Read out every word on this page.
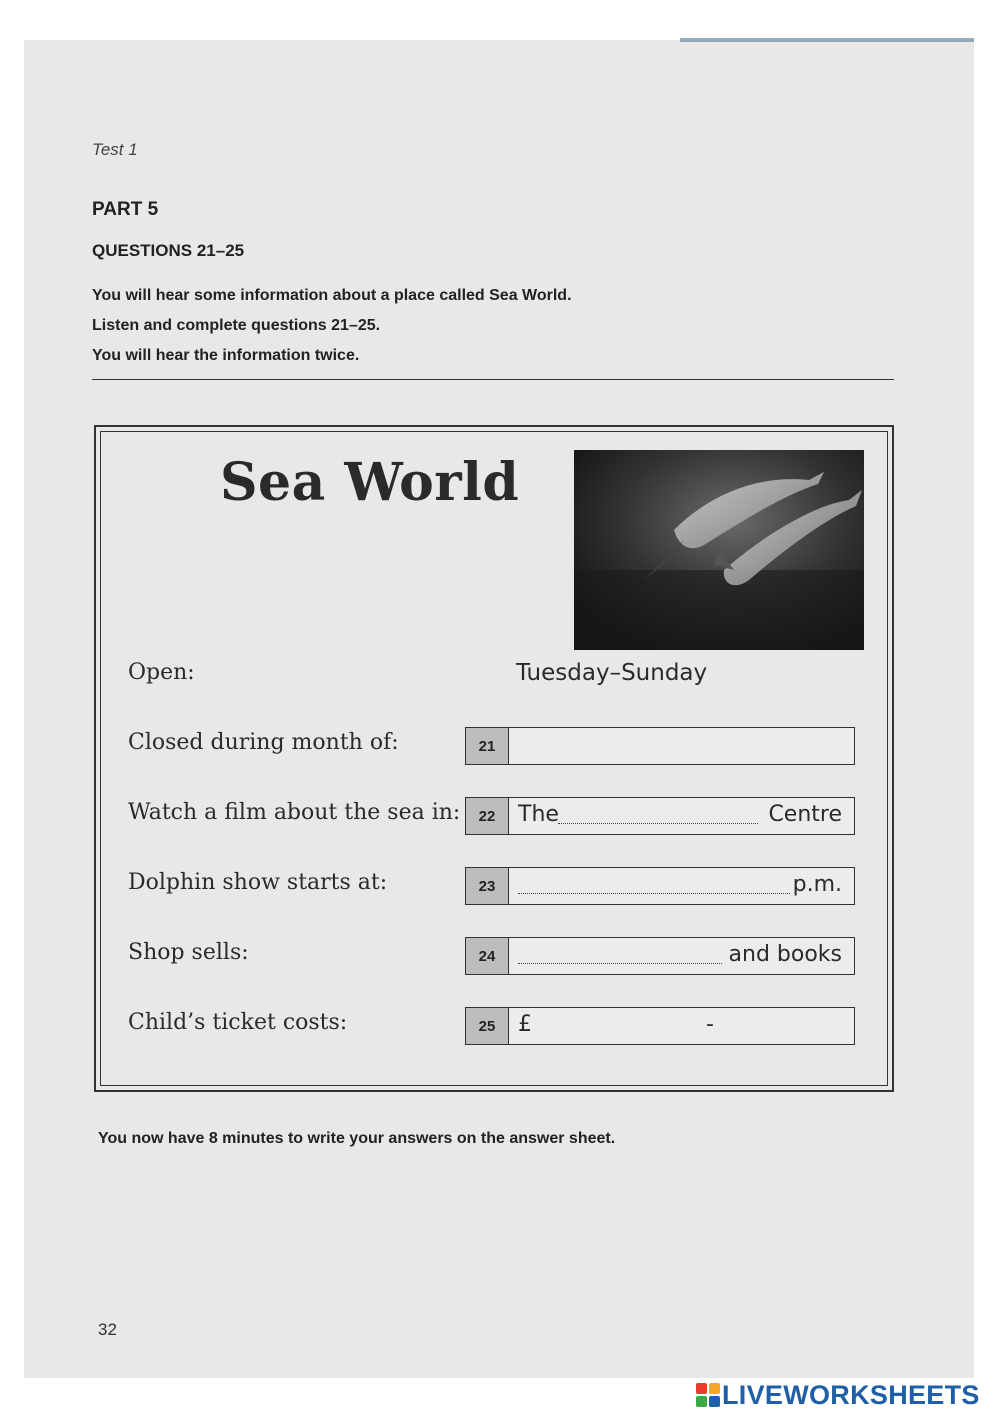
Test 1
PART 5
QUESTIONS 21–25
You will hear some information about a place called Sea World.
Listen and complete questions 21–25.
You will hear the information twice.
Sea World
Open:	Tuesday–Sunday
Closed during month of:	21
Watch a film about the sea in:	22	The	Centre
Dolphin show starts at:	23	p.m.
Shop sells:	24	and books
Child’s ticket costs:	25	£	-
You now have 8 minutes to write your answers on the answer sheet.
32
LIVEWORKSHEETS
